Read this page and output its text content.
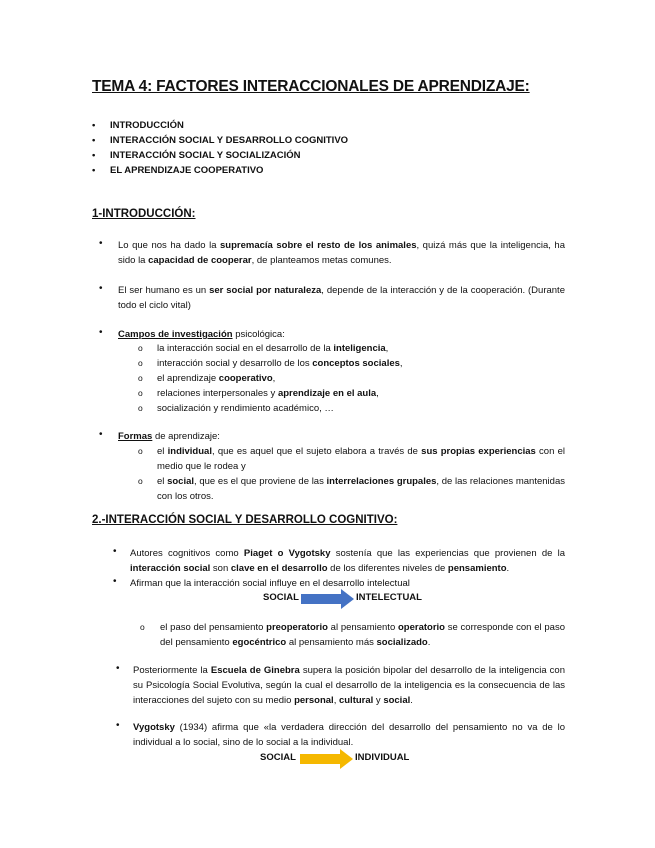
TEMA 4: FACTORES INTERACCIONALES DE APRENDIZAJE:
•	INTRODUCCIÓN
•	INTERACCIÓN SOCIAL Y DESARROLLO COGNITIVO
•	INTERACCIÓN SOCIAL Y SOCIALIZACIÓN
•	EL APRENDIZAJE COOPERATIVO
1-INTRODUCCIÓN:
• Lo que nos ha dado la supremacía sobre el resto de los animales, quizá más que la inteligencia, ha sido la capacidad de cooperar, de planteamos metas comunes.
• El ser humano es un ser social por naturaleza, depende de la interacción y de la cooperación. (Durante todo el ciclo vital)
• Campos de investigación psicológica:
o la interacción social en el desarrollo de la inteligencia,
o interacción social y desarrollo de los conceptos sociales,
o el aprendizaje cooperativo,
o relaciones interpersonales y aprendizaje en el aula,
o socialización y rendimiento académico, …
• Formas de aprendizaje:
o el individual, que es aquel que el sujeto elabora a través de sus propias experiencias con el medio que le rodea y
o el social, que es el que proviene de las interrelaciones grupales, de las relaciones mantenidas con los otros.
2.-INTERACCIÓN SOCIAL Y DESARROLLO COGNITIVO:
• Autores cognitivos como Piaget o Vygotsky sostenía que las experiencias que provienen de la interacción social son clave en el desarrollo de los diferentes niveles de pensamiento.
• Afirman que la interacción social influye en el desarrollo intelectual
SOCIAL	INTELECTUAL
o el paso del pensamiento preoperatorio al pensamiento operatorio se corresponde con el paso del pensamiento egocéntrico al pensamiento más socializado.
• Posteriormente la Escuela de Ginebra supera la posición bipolar del desarrollo de la inteligencia con su Psicología Social Evolutiva, según la cual el desarrollo de la inteligencia es la consecuencia de las interacciones del sujeto con su medio personal, cultural y social.
• Vygotsky (1934) afirma que «la verdadera dirección del desarrollo del pensamiento no va de lo individual a lo social, sino de lo social a la individual.
SOCIAL	INDIVIDUAL
